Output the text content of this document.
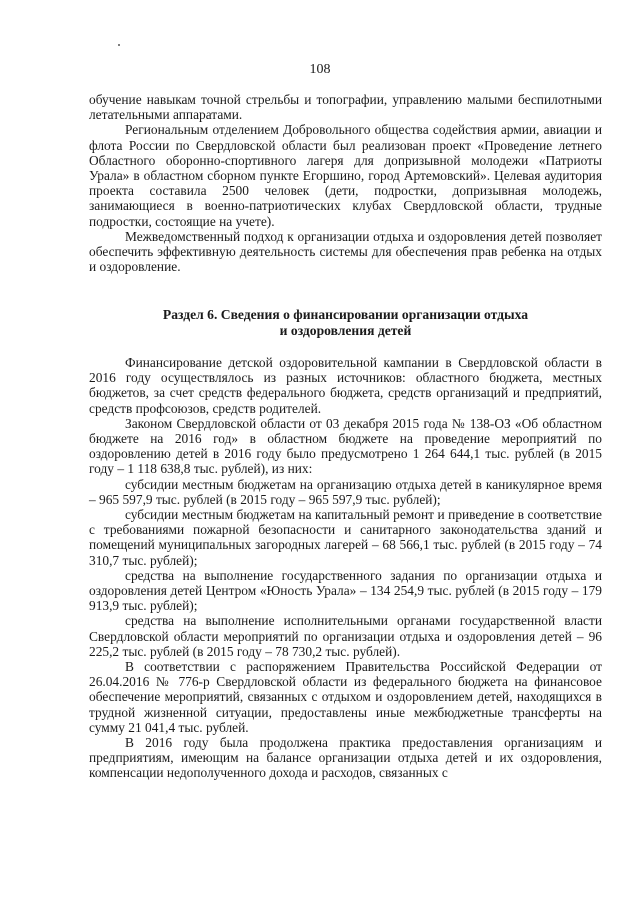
108

обучение навыкам точной стрельбы и топографии, управлению малыми беспилотными летательными аппаратами.

Региональным отделением Добровольного общества содействия армии, авиации и флота России по Свердловской области был реализован проект «Проведение летнего Областного оборонно-спортивного лагеря для допризывной молодежи «Патриоты Урала» в областном сборном пункте Егоршино, город Артемовский». Целевая аудитория проекта составила 2500 человек (дети, подростки, допризывная молодежь, занимающиеся в военно-патриотических клубах Свердловской области, трудные подростки, состоящие на учете).

Межведомственный подход к организации отдыха и оздоровления детей позволяет обеспечить эффективную деятельность системы для обеспечения прав ребенка на отдых и оздоровление.

Раздел 6. Сведения о финансировании организации отдыха
и оздоровления детей

Финансирование детской оздоровительной кампании в Свердловской области в 2016 году осуществлялось из разных источников: областного бюджета, местных бюджетов, за счет средств федерального бюджета, средств организаций и предприятий, средств профсоюзов, средств родителей.

Законом Свердловской области от 03 декабря 2015 года № 138-ОЗ «Об областном бюджете на 2016 год» в областном бюджете на проведение мероприятий по оздоровлению детей в 2016 году было предусмотрено 1 264 644,1 тыс. рублей (в 2015 году – 1 118 638,8 тыс. рублей), из них:

субсидии местным бюджетам на организацию отдыха детей в каникулярное время – 965 597,9 тыс. рублей (в 2015 году – 965 597,9 тыс. рублей);

субсидии местным бюджетам на капитальный ремонт и приведение в соответствие с требованиями пожарной безопасности и санитарного законодательства зданий и помещений муниципальных загородных лагерей – 68 566,1 тыс. рублей (в 2015 году – 74 310,7 тыс. рублей);

средства на выполнение государственного задания по организации отдыха и оздоровления детей Центром «Юность Урала» – 134 254,9 тыс. рублей (в 2015 году – 179 913,9 тыс. рублей);

средства на выполнение исполнительными органами государственной власти Свердловской области мероприятий по организации отдыха и оздоровления детей – 96 225,2 тыс. рублей (в 2015 году – 78 730,2 тыс. рублей).

В соответствии с распоряжением Правительства Российской Федерации от 26.04.2016 № 776-р Свердловской области из федерального бюджета на финансовое обеспечение мероприятий, связанных с отдыхом и оздоровлением детей, находящихся в трудной жизненной ситуации, предоставлены иные межбюджетные трансферты на сумму 21 041,4 тыс. рублей.

В 2016 году была продолжена практика предоставления организациям и предприятиям, имеющим на балансе организации отдыха детей и их оздоровления, компенсации недополученного дохода и расходов, связанных с
